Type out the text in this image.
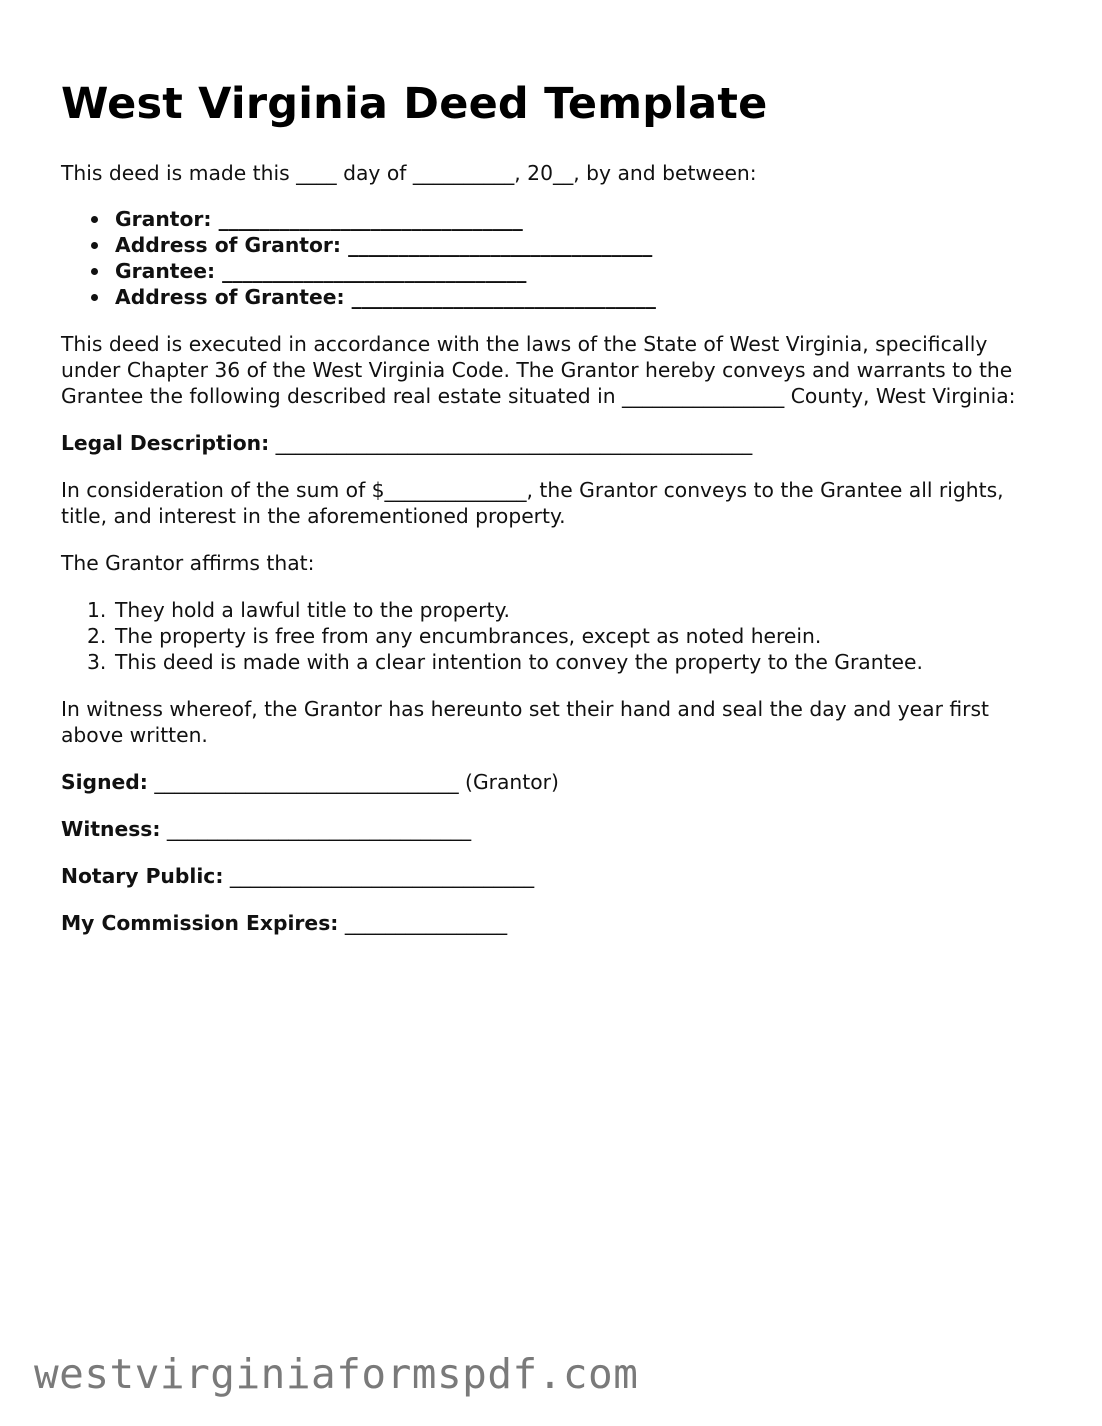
West Virginia Deed Template

This deed is made this ____ day of __________, 20__, by and between:

Grantor: ______________________________
Address of Grantor: ______________________________
Grantee: ______________________________
Address of Grantee: ______________________________

This deed is executed in accordance with the laws of the State of West Virginia, specifically under Chapter 36 of the West Virginia Code. The Grantor hereby conveys and warrants to the Grantee the following described real estate situated in ________________ County, West Virginia:

Legal Description: _______________________________________________

In consideration of the sum of $______________, the Grantor conveys to the Grantee all rights, title, and interest in the aforementioned property.

The Grantor affirms that:

1. They hold a lawful title to the property.
2. The property is free from any encumbrances, except as noted herein.
3. This deed is made with a clear intention to convey the property to the Grantee.

In witness whereof, the Grantor has hereunto set their hand and seal the day and year first above written.

Signed: ______________________________ (Grantor)

Witness: ______________________________

Notary Public: ______________________________

My Commission Expires: ________________

westvirginiaformspdf.com
